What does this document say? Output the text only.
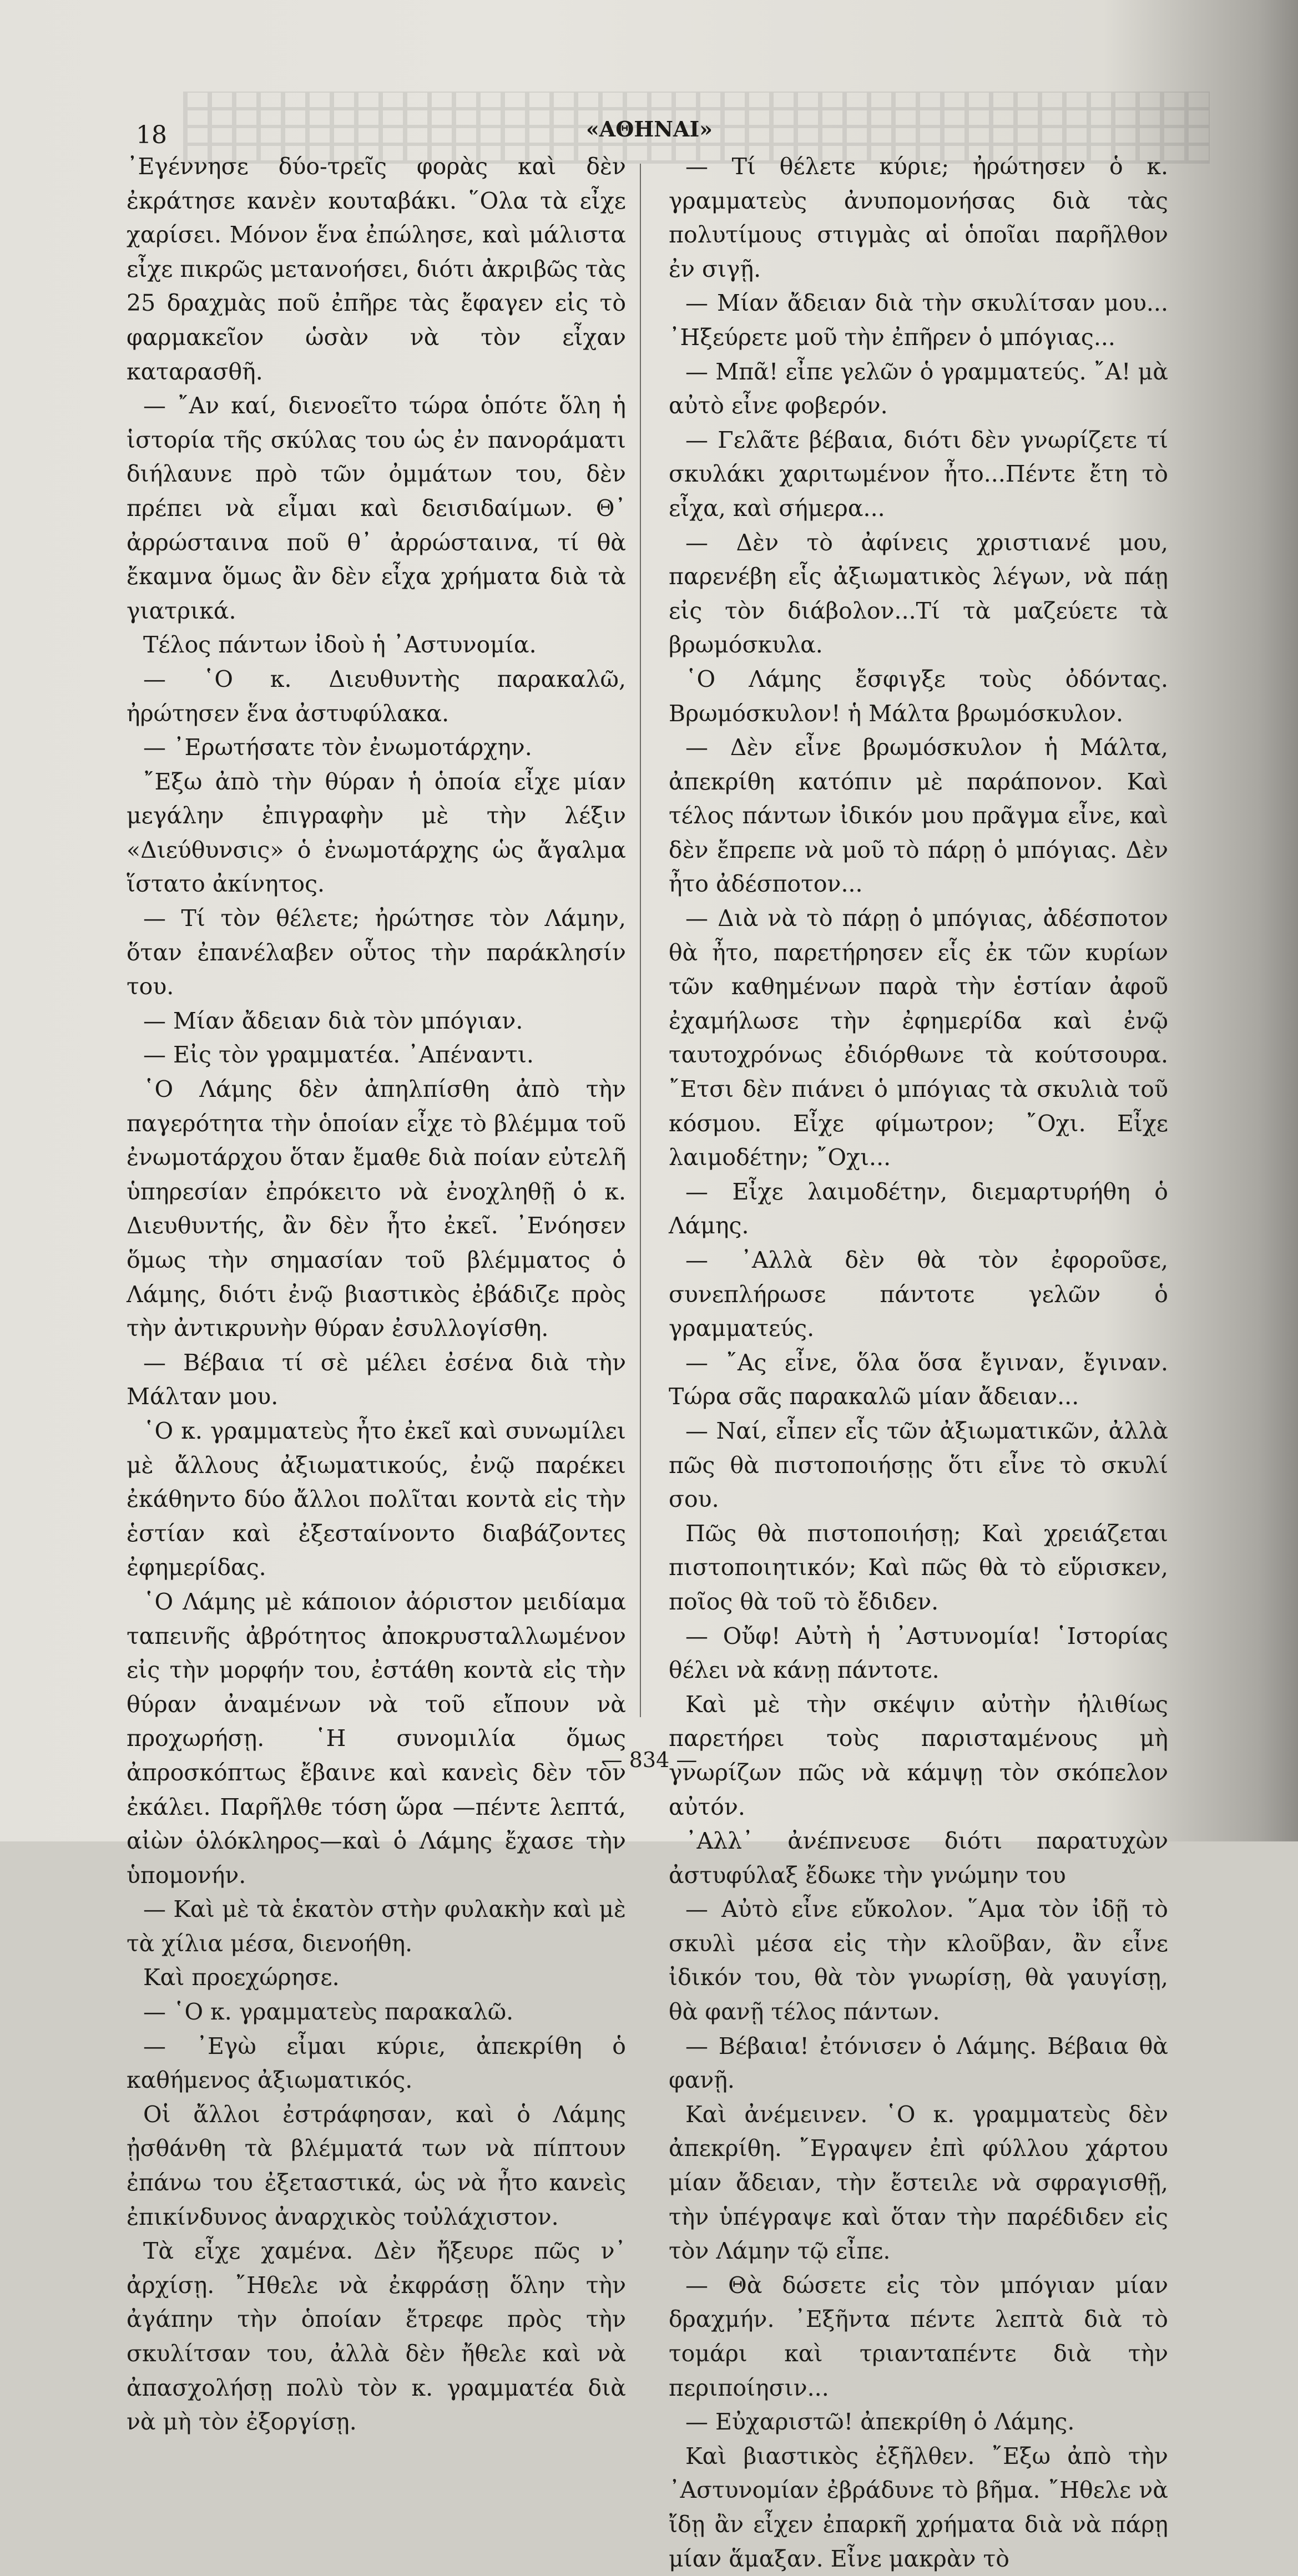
18	«ΑΘΗΝΑΙ»

᾿Εγέννησε δύο-τρεῖς φορὰς καὶ δὲν ἐκράτησε κανὲν κουταβάκι. ῞Ολα τὰ εἶχε χαρίσει. Μόνον ἕνα ἐπώλησε, καὶ μάλιστα εἶχε πικρῶς μετανοήσει, διότι ἀκριβῶς τὰς 25 δραχμὰς ποῦ ἐπῆρε τὰς ἔφαγεν εἰς τὸ φαρμακεῖον ὡσὰν νὰ τὸν εἶχαν καταρασθῆ.

— ῎Αν καί, διενοεῖτο τώρα ὁπότε ὅλη ἡ ἱστορία τῆς σκύλας του ὡς ἐν πανοράματι διήλαυνε πρὸ τῶν ὀμμάτων του, δὲν πρέπει νὰ εἶμαι καὶ δεισιδαίμων. Θ᾿ ἀρρώσταινα ποῦ θ᾿ ἀρρώσταινα, τί θὰ ἔκαμνα ὅμως ἂν δὲν εἶχα χρήματα διὰ τὰ γιατρικά.

Τέλος πάντων ἰδοὺ ἡ ᾿Αστυνομία.

— ῾Ο κ. Διευθυντὴς παρακαλῶ, ἠρώτησεν ἕνα ἀστυφύλακα.

— ᾿Ερωτήσατε τὸν ἐνωμοτάρχην.

῎Εξω ἀπὸ τὴν θύραν ἡ ὁποία εἶχε μίαν μεγάλην ἐπιγραφὴν μὲ τὴν λέξιν «Διεύθυνσις» ὁ ἐνωμοτάρχης ὡς ἄγαλμα ἵστατο ἀκίνητος.

— Τί τὸν θέλετε; ἠρώτησε τὸν Λάμην, ὅταν ἐπανέλαβεν οὗτος τὴν παράκλησίν του.

— Μίαν ἄδειαν διὰ τὸν μπόγιαν.

— Εἰς τὸν γραμματέα. ᾿Απέναντι.

῾Ο Λάμης δὲν ἀπηλπίσθη ἀπὸ τὴν παγερότητα τὴν ὁποίαν εἶχε τὸ βλέμμα τοῦ ἐνωμοτάρχου ὅταν ἔμαθε διὰ ποίαν εὐτελῆ ὑπηρεσίαν ἐπρόκειτο νὰ ἐνοχληθῇ ὁ κ. Διευθυντής, ἂν δὲν ἦτο ἐκεῖ. ᾿Ενόησεν ὅμως τὴν σημασίαν τοῦ βλέμματος ὁ Λάμης, διότι ἐνῷ βιαστικὸς ἐβάδιζε πρὸς τὴν ἀντικρυνὴν θύραν ἐσυλλογίσθη.

— Βέβαια τί σὲ μέλει ἐσένα διὰ τὴν Μάλταν μου.

῾Ο κ. γραμματεὺς ἦτο ἐκεῖ καὶ συνωμίλει μὲ ἄλλους ἀξιωματικούς, ἐνῷ παρέκει ἐκάθηντο δύο ἄλλοι πολῖται κοντὰ εἰς τὴν ἑστίαν καὶ ἐξεσταίνοντο διαβάζοντες ἐφημερίδας.

῾Ο Λάμης μὲ κάποιον ἀόριστον μειδίαμα ταπεινῆς ἀβρότητος ἀποκρυσταλλωμένον εἰς τὴν μορφήν του, ἐστάθη κοντὰ εἰς τὴν θύραν ἀναμένων νὰ τοῦ εἴπουν νὰ προχωρήσῃ. ῾Η συνομιλία ὅμως ἀπροσκόπτως ἔβαινε καὶ κανεὶς δὲν τὸν ἐκάλει. Παρῆλθε τόση ὥρα —πέντε λεπτά, αἰὼν ὁλόκληρος—καὶ ὁ Λάμης ἔχασε τὴν ὑπομονήν.

— Καὶ μὲ τὰ ἑκατὸν στὴν φυλακὴν καὶ μὲ τὰ χίλια μέσα, διενοήθη.

Καὶ προεχώρησε.

— ῾Ο κ. γραμματεὺς παρακαλῶ.

— ᾿Εγὼ εἶμαι κύριε, ἀπεκρίθη ὁ καθήμενος ἀξιωματικός.

Οἱ ἄλλοι ἐστράφησαν, καὶ ὁ Λάμης ᾐσθάνθη τὰ βλέμματά των νὰ πίπτουν ἐπάνω του ἐξεταστικά, ὡς νὰ ἦτο κανεὶς ἐπικίνδυνος ἀναρχικὸς τοὐλάχιστον.

Τὰ εἶχε χαμένα. Δὲν ἤξευρε πῶς ν᾿ ἀρχίσῃ. ῎Ηθελε νὰ ἐκφράσῃ ὅλην τὴν ἀγάπην τὴν ὁποίαν ἔτρεφε πρὸς τὴν σκυλίτσαν του, ἀλλὰ δὲν ἤθελε καὶ νὰ ἀπασχολήσῃ πολὺ τὸν κ. γραμματέα διὰ νὰ μὴ τὸν ἐξοργίσῃ.

— Τί θέλετε κύριε; ἠρώτησεν ὁ κ. γραμματεὺς ἀνυπομονήσας διὰ τὰς πολυτίμους στιγμὰς αἱ ὁποῖαι παρῆλθον ἐν σιγῇ.

— Μίαν ἄδειαν διὰ τὴν σκυλίτσαν μου... ᾿Ηξεύρετε μοῦ τὴν ἐπῆρεν ὁ μπόγιας...

— Μπᾶ! εἶπε γελῶν ὁ γραμματεύς. ῎Α! μὰ αὐτὸ εἶνε φοβερόν.

— Γελᾶτε βέβαια, διότι δὲν γνωρίζετε τί σκυλάκι χαριτωμένον ἦτο...Πέντε ἔτη τὸ εἶχα, καὶ σήμερα...

— Δὲν τὸ ἀφίνεις χριστιανέ μου, παρενέβη εἷς ἀξιωματικὸς λέγων, νὰ πάῃ εἰς τὸν διάβολον...Τί τὰ μαζεύετε τὰ βρωμόσκυλα.

῾Ο Λάμης ἔσφιγξε τοὺς ὀδόντας. Βρωμόσκυλον! ἡ Μάλτα βρωμόσκυλον.

— Δὲν εἶνε βρωμόσκυλον ἡ Μάλτα, ἀπεκρίθη κατόπιν μὲ παράπονον. Καὶ τέλος πάντων ἰδικόν μου πρᾶγμα εἶνε, καὶ δὲν ἔπρεπε νὰ μοῦ τὸ πάρῃ ὁ μπόγιας. Δὲν ἦτο ἀδέσποτον...

— Διὰ νὰ τὸ πάρῃ ὁ μπόγιας, ἀδέσποτον θὰ ἦτο, παρετήρησεν εἷς ἐκ τῶν κυρίων τῶν καθημένων παρὰ τὴν ἑστίαν ἀφοῦ ἐχαμήλωσε τὴν ἐφημερίδα καὶ ἐνῷ ταυτοχρόνως ἐδιόρθωνε τὰ κούτσουρα. ῎Ετσι δὲν πιάνει ὁ μπόγιας τὰ σκυλιὰ τοῦ κόσμου. Εἶχε φίμωτρον; ῎Οχι. Εἶχε λαιμοδέτην; ῎Οχι...

— Εἶχε λαιμοδέτην, διεμαρτυρήθη ὁ Λάμης.

— ᾿Αλλὰ δὲν θὰ τὸν ἐφοροῦσε, συνεπλήρωσε πάντοτε γελῶν ὁ γραμματεύς.

— ῎Ας εἶνε, ὅλα ὅσα ἔγιναν, ἔγιναν. Τώρα σᾶς παρακαλῶ μίαν ἄδειαν...

— Ναί, εἶπεν εἷς τῶν ἀξιωματικῶν, ἀλλὰ πῶς θὰ πιστοποιήσῃς ὅτι εἶνε τὸ σκυλί σου.

Πῶς θὰ πιστοποιήσῃ; Καὶ χρειάζεται πιστοποιητικόν; Καὶ πῶς θὰ τὸ εὕρισκεν, ποῖος θὰ τοῦ τὸ ἔδιδεν.

— Οὔφ! Αὐτὴ ἡ ᾿Αστυνομία! ῾Ιστορίας θέλει νὰ κάνῃ πάντοτε.

Καὶ μὲ τὴν σκέψιν αὐτὴν ἠλιθίως παρετήρει τοὺς παρισταμένους μὴ γνωρίζων πῶς νὰ κάμψῃ τὸν σκόπελον αὐτόν.

᾿Αλλ᾿ ἀνέπνευσε διότι παρατυχὼν ἀστυφύλαξ ἔδωκε τὴν γνώμην του

— Αὐτὸ εἶνε εὔκολον. ῞Αμα τὸν ἰδῇ τὸ σκυλὶ μέσα εἰς τὴν κλοῦβαν, ἂν εἶνε ἰδικόν του, θὰ τὸν γνωρίσῃ, θὰ γαυγίσῃ, θὰ φανῇ τέλος πάντων.

— Βέβαια! ἐτόνισεν ὁ Λάμης. Βέβαια θὰ φανῇ.

Καὶ ἀνέμεινεν. ῾Ο κ. γραμματεὺς δὲν ἀπεκρίθη. ῎Εγραψεν ἐπὶ φύλλου χάρτου μίαν ἄδειαν, τὴν ἔστειλε νὰ σφραγισθῇ, τὴν ὑπέγραψε καὶ ὅταν τὴν παρέδιδεν εἰς τὸν Λάμην τῷ εἶπε.

— Θὰ δώσετε εἰς τὸν μπόγιαν μίαν δραχμήν. ᾿Εξῆντα πέντε λεπτὰ διὰ τὸ τομάρι καὶ τριανταπέντε διὰ τὴν περιποίησιν...

— Εὐχαριστῶ! ἀπεκρίθη ὁ Λάμης.

Καὶ βιαστικὸς ἐξῆλθεν. ῎Εξω ἀπὸ τὴν ᾿Αστυνομίαν ἐβράδυνε τὸ βῆμα. ῎Ηθελε νὰ ἴδῃ ἂν εἶχεν ἐπαρκῆ χρήματα διὰ νὰ πάρῃ μίαν ἅμαξαν. Εἶνε μακρὰν τὸ

— 834 —
